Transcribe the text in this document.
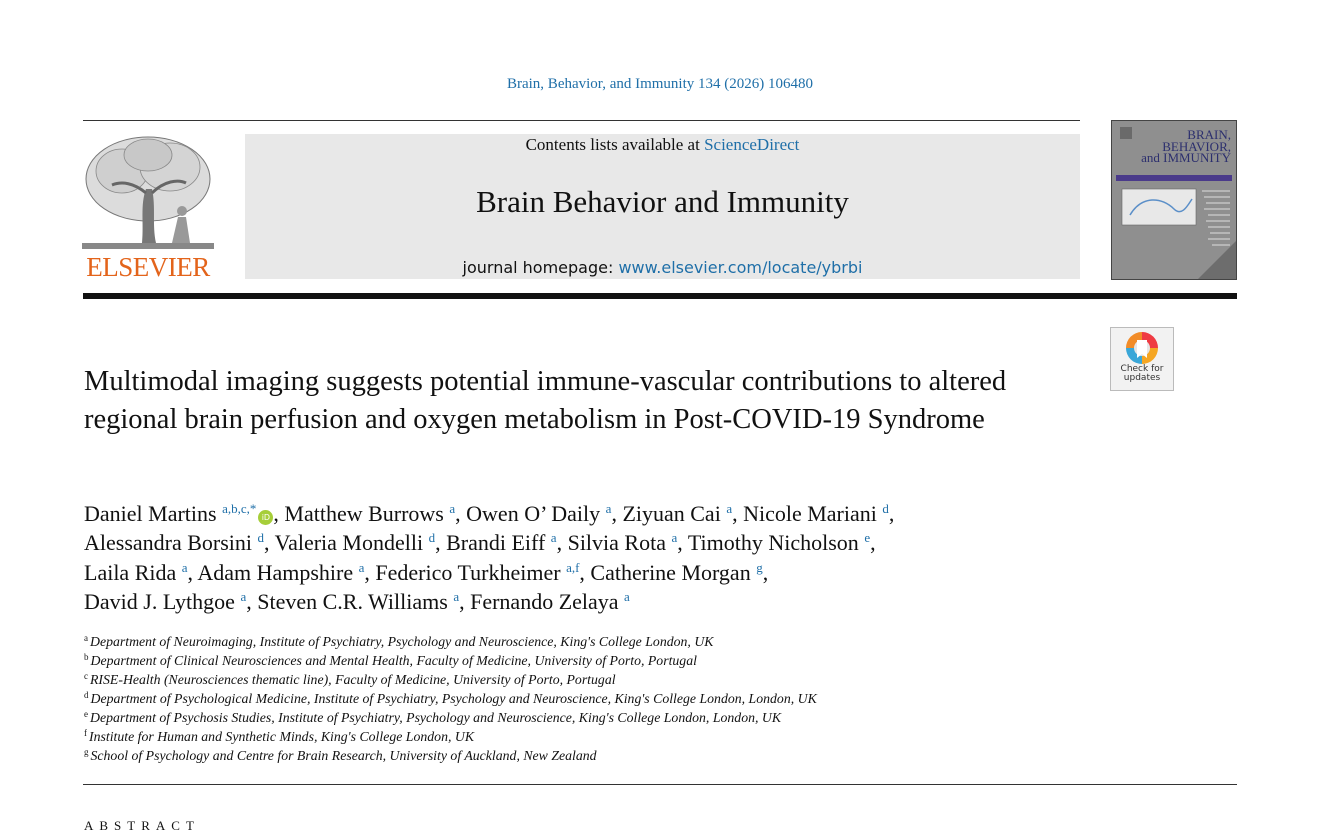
Brain, Behavior, and Immunity 134 (2026) 106480
ELSEVIER
Contents lists available at ScienceDirect
Brain Behavior and Immunity
journal homepage: www.elsevier.com/locate/ybrbi
BRAIN,
BEHAVIOR,
and IMMUNITY
Check for
updates
Multimodal imaging suggests potential immune-vascular contributions to altered regional brain perfusion and oxygen metabolism in Post-COVID-19 Syndrome
Daniel Martins $^{a,b,c,*}$iD , Matthew Burrows $^a$, Owen O’ Daily $^a$, Ziyuan Cai $^a$, Nicole Mariani $^d$,
Alessandra Borsini $^d$, Valeria Mondelli $^d$, Brandi Eiff $^a$, Silvia Rota $^a$, Timothy Nicholson $^e$,
Laila Rida $^a$, Adam Hampshire $^a$, Federico Turkheimer $^{a,f}$, Catherine Morgan $^g$,
David J. Lythgoe $^a$, Steven C.R. Williams $^a$, Fernando Zelaya $^a$
$^a$ Department of Neuroimaging, Institute of Psychiatry, Psychology and Neuroscience, King's College London, UK
$^b$ Department of Clinical Neurosciences and Mental Health, Faculty of Medicine, University of Porto, Portugal
$^c$ RISE-Health (Neurosciences thematic line), Faculty of Medicine, University of Porto, Portugal
$^d$ Department of Psychological Medicine, Institute of Psychiatry, Psychology and Neuroscience, King's College London, London, UK
$^e$ Department of Psychosis Studies, Institute of Psychiatry, Psychology and Neuroscience, King's College London, London, UK
$^f$ Institute for Human and Synthetic Minds, King's College London, UK
$^g$ School of Psychology and Centre for Brain Research, University of Auckland, New Zealand
ABSTRACT
